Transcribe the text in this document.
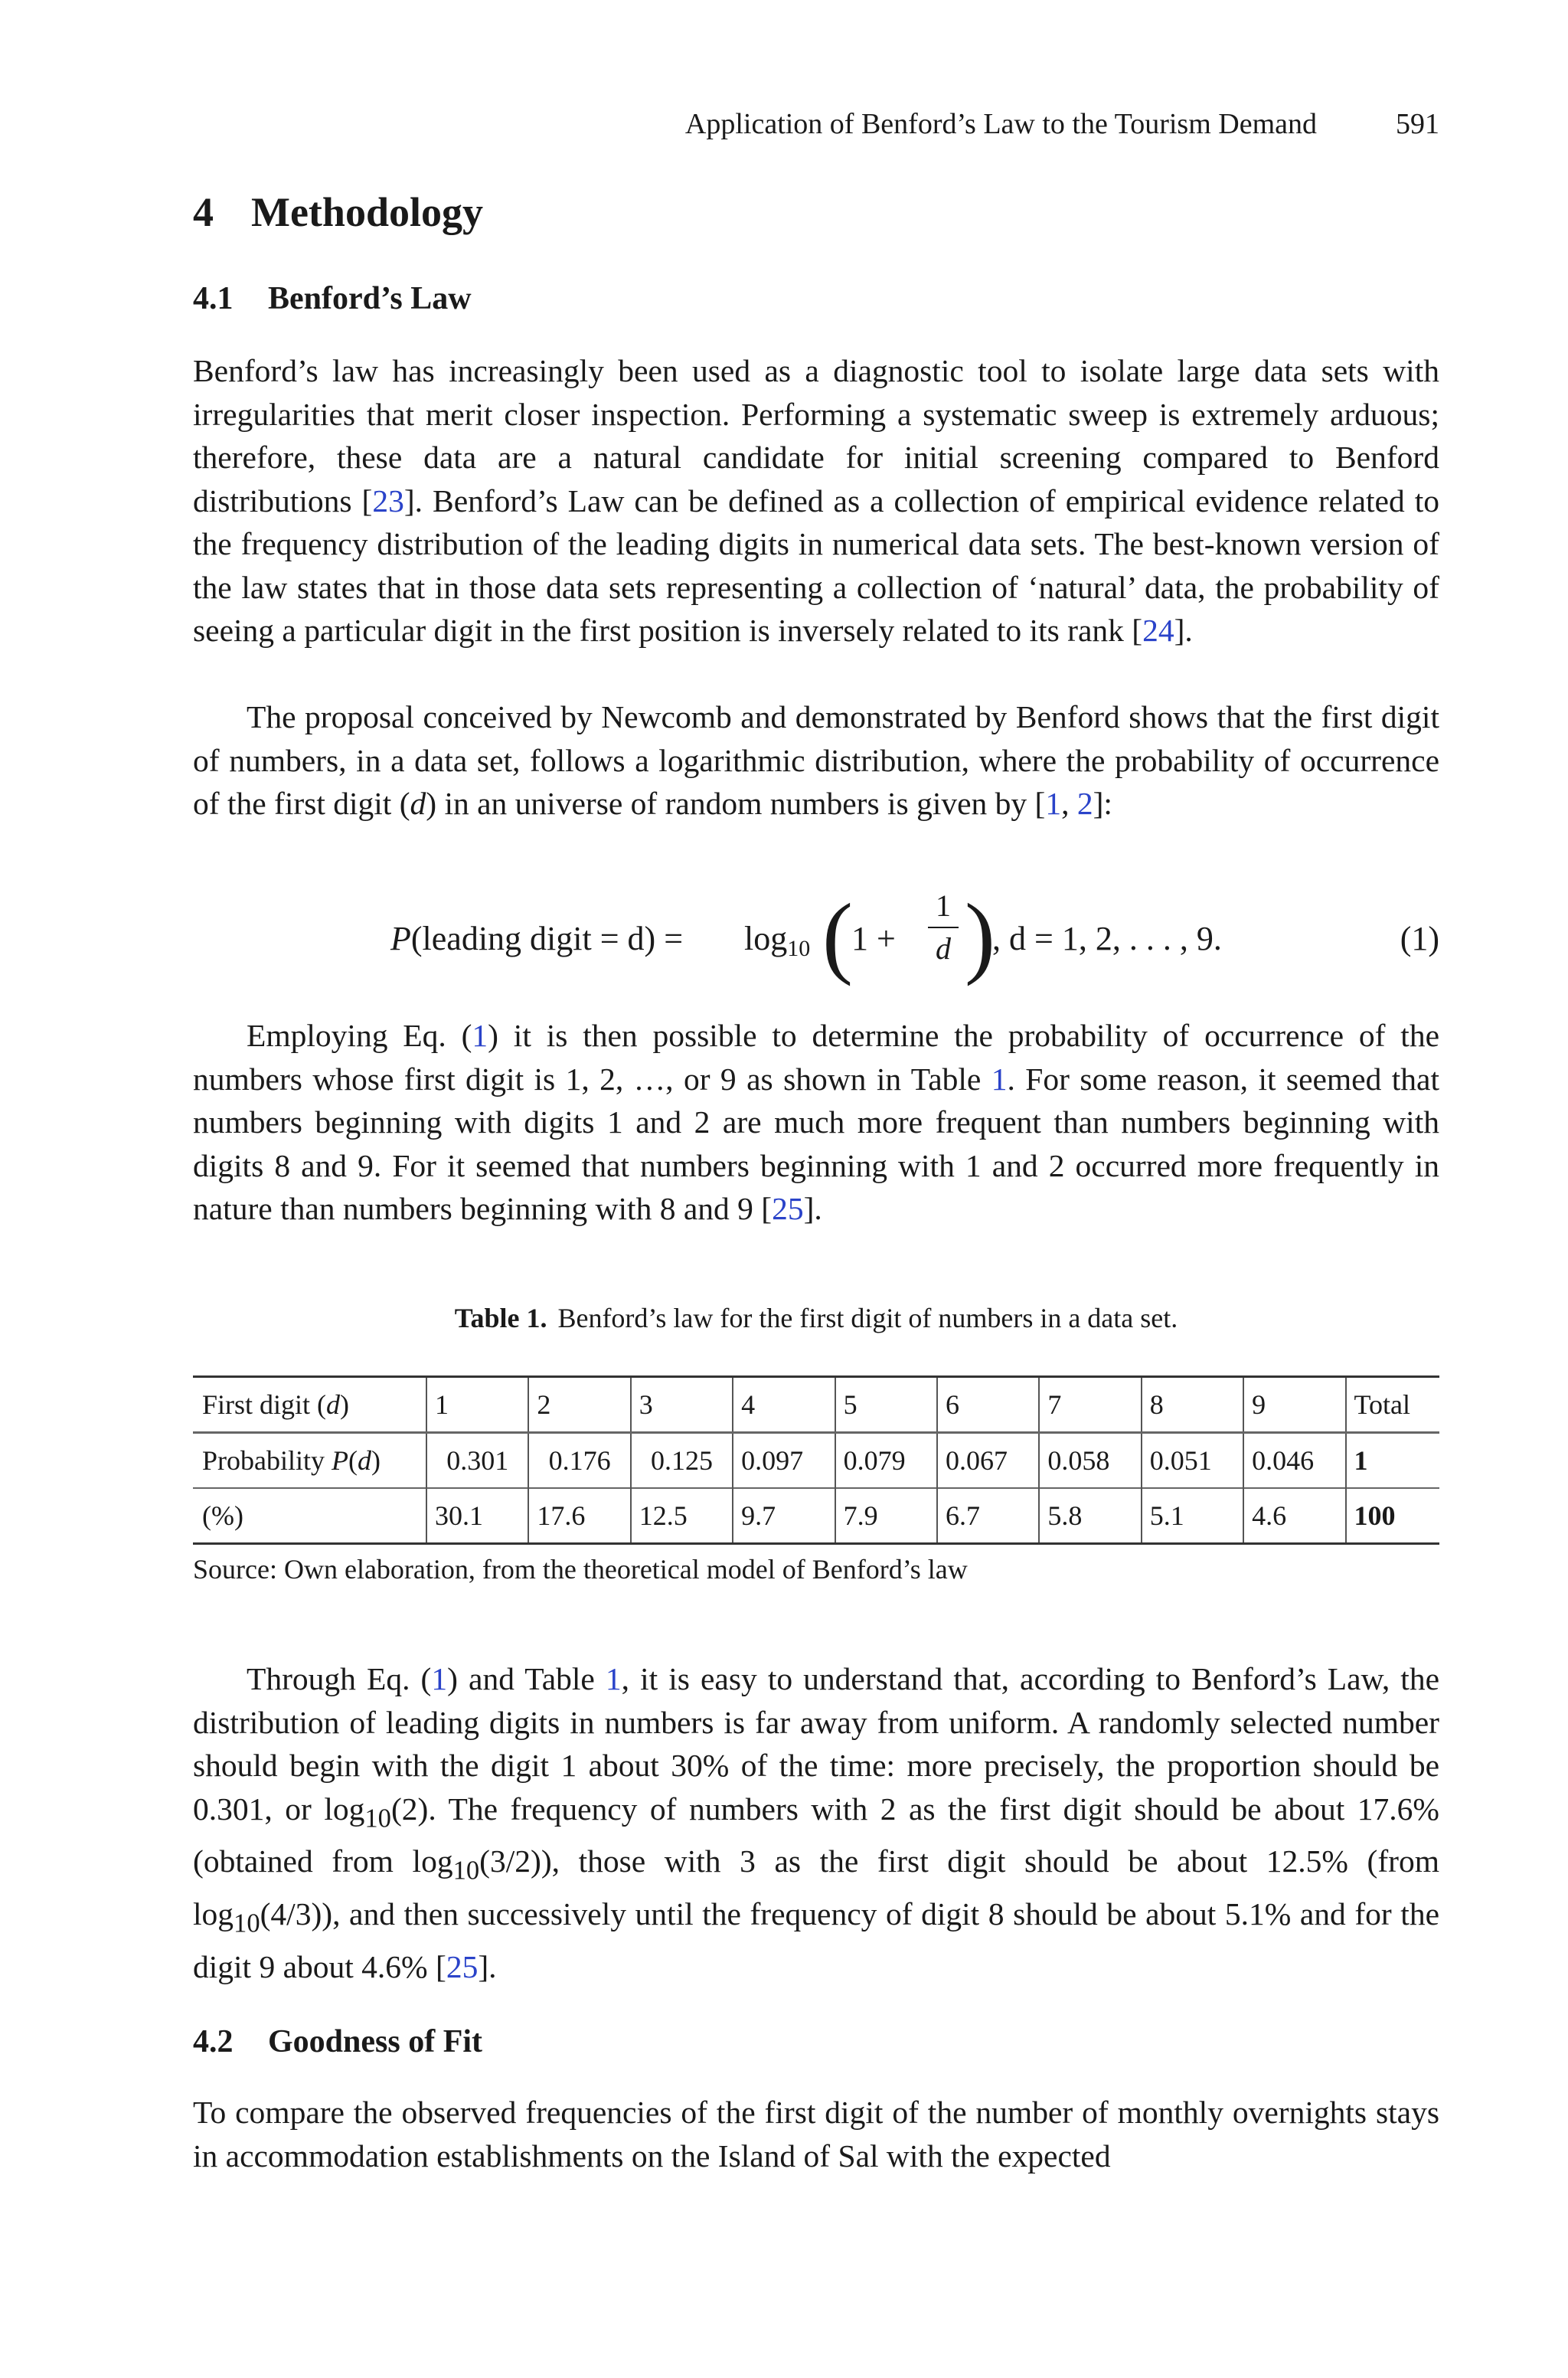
Application of Benford’s Law to the Tourism Demand	591
4 Methodology
4.1 Benford’s Law

Benford’s law has increasingly been used as a diagnostic tool to isolate large data sets with irregularities that merit closer inspection. Performing a systematic sweep is extremely arduous; therefore, these data are a natural candidate for initial screening compared to Benford distributions [23]. Benford’s Law can be defined as a collection of empirical evidence related to the frequency distribution of the leading digits in numerical data sets. The best-known version of the law states that in those data sets representing a collection of ‘natural’ data, the probability of seeing a particular digit in the first position is inversely related to its rank [24].

The proposal conceived by Newcomb and demonstrated by Benford shows that the first digit of numbers, in a data set, follows a logarithmic distribution, where the probability of occurrence of the first digit (d) in an universe of random numbers is given by [1, 2]:

P(leading digit = $d) = \log_{10}$ (
1 +
1
d )
, d = 1, 2, . . . , 9.	(1)

Employing Eq. (1) it is then possible to determine the probability of occurrence of the numbers whose first digit is 1, 2, …, or 9 as shown in Table 1. For some reason, it seemed that numbers beginning with digits 1 and 2 are much more frequent than numbers beginning with digits 8 and 9. For it seemed that numbers beginning with 1 and 2 occurred more frequently in nature than numbers beginning with 8 and 9 [25].

Table 1. Benford’s law for the first digit of numbers in a data set.
First digit (d)	1	2	3	4	5	6	7	8	9	Total
Probability P(d)	0.301	0.176	0.125	0.097	0.079	0.067	0.058	0.051	0.046	1
(%)	30.1	17.6	12.5	9.7	7.9	6.7	5.8	5.1	4.6	100
Source: Own elaboration, from the theoretical model of Benford’s law

Through Eq. (1) and Table 1, it is easy to understand that, according to Benford’s Law, the distribution of leading digits in numbers is far away from uniform. A randomly selected number should begin with the digit 1 about 30% of the time: more precisely, the proportion should be 0.301, or $\log_{10}(2)$. The frequency of numbers with 2 as the first digit should be about 17.6% (obtained from $\log_{10}(3/2)$), those with 3 as the first digit should be about 12.5% (from $\log_{10}(4/3)$), and then successively until the frequency of digit 8 should be about 5.1% and for the digit 9 about 4.6% [25].

4.2 Goodness of Fit

To compare the observed frequencies of the first digit of the number of monthly overnights stays in accommodation establishments on the Island of Sal with the expected
